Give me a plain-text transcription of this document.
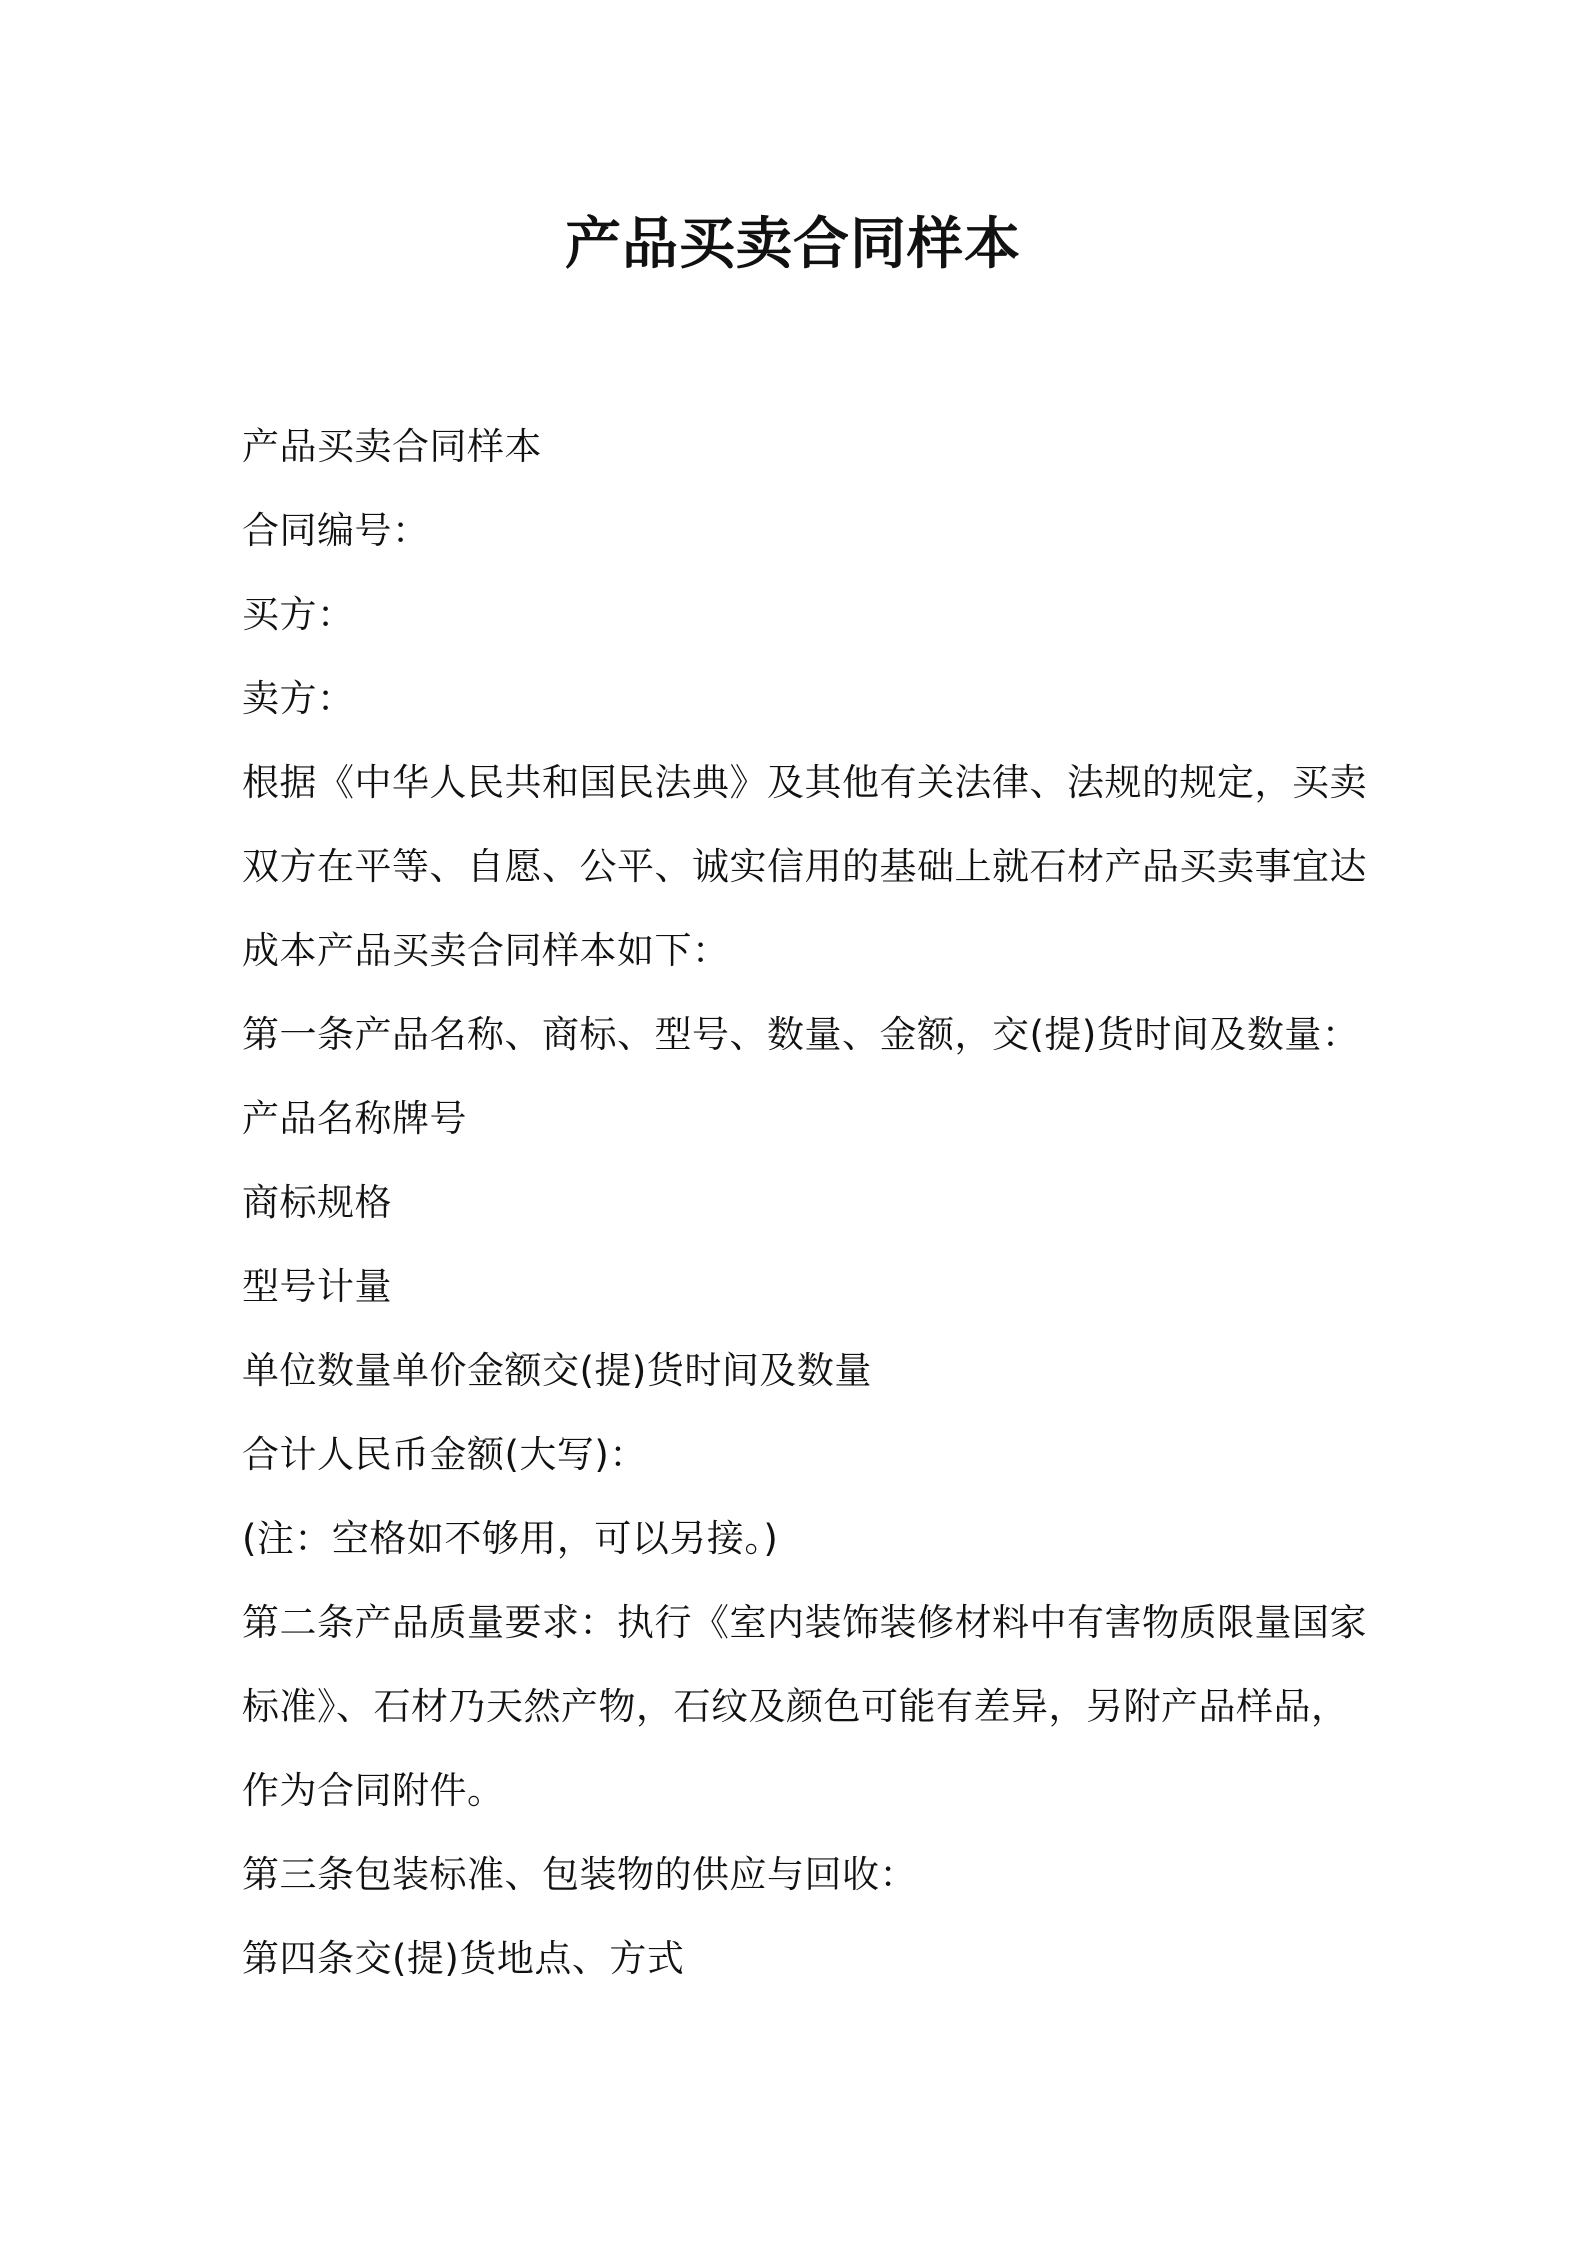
产品买卖合同样本
产品买卖合同样本
合同编号：
买方：
卖方：
根据《中华人民共和国民法典》及其他有关法律、法规的规定，买卖
双方在平等、自愿、公平、诚实信用的基础上就石材产品买卖事宜达
成本产品买卖合同样本如下：
第一条产品名称、商标、型号、数量、金额，交(提)货时间及数量：
产品名称牌号
商标规格
型号计量
单位数量单价金额交(提)货时间及数量
合计人民币金额(大写)：
(注：空格如不够用，可以另接。)
第二条产品质量要求：执行《室内装饰装修材料中有害物质限量国家
标准》、石材乃天然产物，石纹及颜色可能有差异，另附产品样品，
作为合同附件。
第三条包装标准、包装物的供应与回收：
第四条交(提)货地点、方式
